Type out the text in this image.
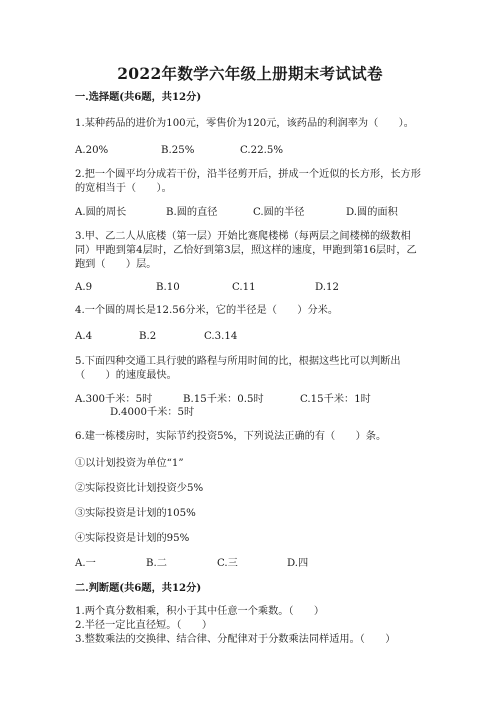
2022年数学六年级上册期末考试试卷
一.选择题(共6题，共12分)
1.某种药品的进价为100元，零售价为120元，该药品的利润率为（　　）。
A.20%	B.25%	C.22.5%
2.把一个圆平均分成若干份，沿半径剪开后，拼成一个近似的长方形，长方形
的宽相当于（　　）。
A.圆的周长	B.圆的直径	C.圆的半径	D.圆的面积
3.甲、乙二人从底楼（第一层）开始比赛爬楼梯（每两层之间楼梯的级数相
同）甲跑到第4层时，乙恰好到第3层，照这样的速度，甲跑到第16层时，乙
跑到（　　）层。
A.9	B.10	C.11	D.12
4.一个圆的周长是12.56分米，它的半径是（　　）分米。
A.4	B.2	C.3.14
5.下面四种交通工具行驶的路程与所用时间的比，根据这些比可以判断出
（　　）的速度最快。
A.300千米：5时	B.15千米：0.5时	C.15千米：1时
D.4000千米：5时
6.建一栋楼房时，实际节约投资5%，下列说法正确的有（　　）条。
①以计划投资为单位“1”
②实际投资比计划投资少5%
③实际投资是计划的105%
④实际投资是计划的95%
A.一	B.二	C.三	D.四
二.判断题(共6题，共12分)
1.两个真分数相乘，积小于其中任意一个乘数。（　　）
2.半径一定比直径短。（　　）
3.整数乘法的交换律、结合律、分配律对于分数乘法同样适用。（　　）
